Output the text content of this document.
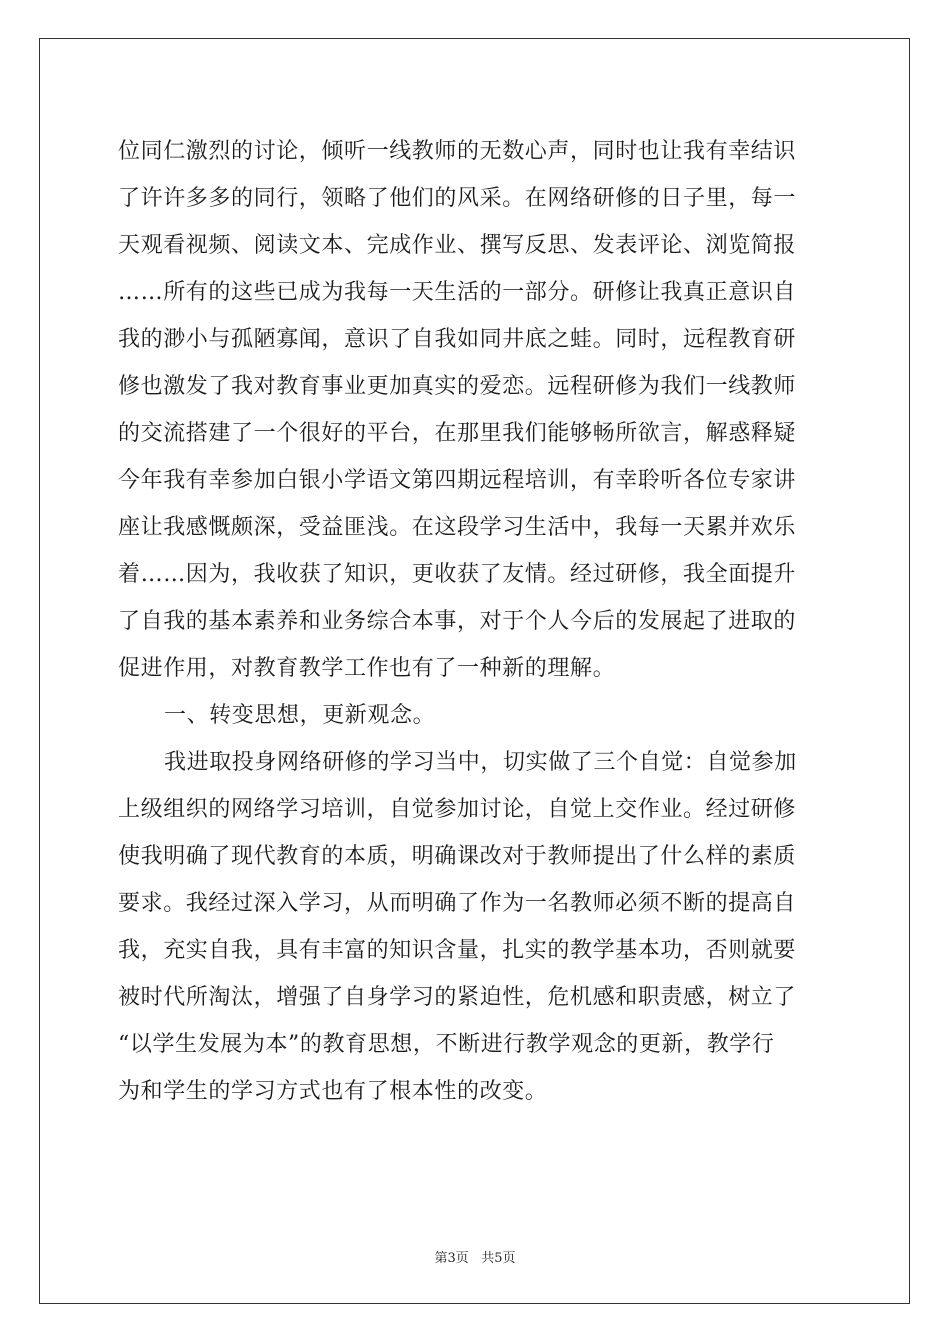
位同仁激烈的讨论，倾听一线教师的无数心声，同时也让我有幸结识
了许许多多的同行，领略了他们的风采。在网络研修的日子里，每一
天观看视频、阅读文本、完成作业、撰写反思、发表评论、浏览简报
……所有的这些已成为我每一天生活的一部分。研修让我真正意识自
我的渺小与孤陋寡闻，意识了自我如同井底之蛙。同时，远程教育研
修也激发了我对教育事业更加真实的爱恋。远程研修为我们一线教师
的交流搭建了一个很好的平台，在那里我们能够畅所欲言，解惑释疑
今年我有幸参加白银小学语文第四期远程培训，有幸聆听各位专家讲
座让我感慨颇深，受益匪浅。在这段学习生活中，我每一天累并欢乐
着……因为，我收获了知识，更收获了友情。经过研修，我全面提升
了自我的基本素养和业务综合本事，对于个人今后的发展起了进取的
促进作用，对教育教学工作也有了一种新的理解。
一、转变思想，更新观念。
我进取投身网络研修的学习当中，切实做了三个自觉：自觉参加
上级组织的网络学习培训，自觉参加讨论，自觉上交作业。经过研修
使我明确了现代教育的本质，明确课改对于教师提出了什么样的素质
要求。我经过深入学习，从而明确了作为一名教师必须不断的提高自
我，充实自我，具有丰富的知识含量，扎实的教学基本功，否则就要
被时代所淘汰，增强了自身学习的紧迫性，危机感和职责感，树立了
“以学生发展为本”的教育思想，不断进行教学观念的更新，教学行
为和学生的学习方式也有了根本性的改变。
第3页 共5页
